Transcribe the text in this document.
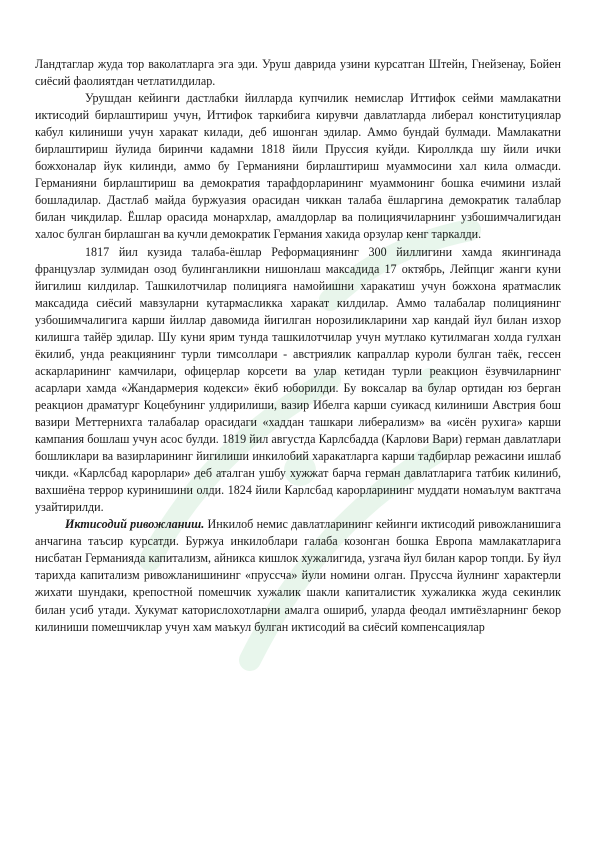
Ландтаглар жуда тор ваколатларга эга эди. Уруш даврида узини курсатган Штейн, Гнейзенау, Бойен сиёсий фаолиятдан четлатилдилар.

Урушдан кейинги дастлабки йилларда купчилик немислар Иттифок сейми мамлакатни иктисодий бирлаштириш учун, Иттифок таркибига кирувчи давлатларда либерал конституциялар кабул килиниши учун харакат килади, деб ишонган эдилар. Аммо бундай булмади. Мамлакатни бирлаштириш йулида биринчи кадамни 1818 йили Пруссия куйди. Кироллкда шу йили ички божхоналар йук килинди, аммо бу Германияни бирлаштириш муаммосини хал кила олмасди. Германияни бирлаштириш ва демократия тарафдорларининг муаммонинг бошка ечимини излай бошладилар. Дастлаб майда буржуазия орасидан чиккан талаба ёшларгина демократик талаблар билан чикдилар. Ёшлар орасида монархлар, амалдорлар ва полициячиларнинг узбошимчалигидан халос булган бирлашган ва кучли демократик Германия хакида орзулар кенг таркалди.

1817 йил кузида талаба-ёшлар Реформациянинг 300 йиллигини хамда якингинада французлар зулмидан озод булинганликни нишонлаш максадида 17 октябрь, Лейпциг жанги куни йигилиш килдилар. Ташкилотчилар полицияга намойишни харакатиш учун божхона яратмаслик максадида сиёсий мавзуларни кутармасликка харакат килдилар. Аммо талабалар полициянинг узбошимчалигига карши йиллар давомида йигилган норозиликларини хар кандай йул билан изхор килишга тайёр эдилар. Шу куни ярим тунда ташкилотчилар учун мутлако кутилмаган холда гулхан ёкилиб, унда реакциянинг турли тимсоллари - австриялик капраллар куроли булган таёк, гессен аскарларининг камчилари, офицерлар корсети ва улар кетидан турли реакцион ёзувчиларнинг асарлари хамда «Жандармерия кодекси» ёкиб юборилди. Бу воксалар ва булар ортидан юз берган реакцион драматург Коцебунинг улдирилиши, вазир Ибелга карши суикасд килиниши Австрия бош вазири Меттернихга талабалар орасидаги «хаддан ташкари либерализм» ва «исён рухига» карши кампания бошлаш учун асос булди. 1819 йил августда Карлсбадда (Карлови Вари) герман давлатлари бошликлари ва вазирларининг йигилиши инкилобий харакатларга карши тадбирлар режасини ишлаб чикди. «Карлсбад карорлари» деб аталган ушбу хужжат барча герман давлатларига татбик килиниб, вахшиёна террор куринишини олди. 1824 йили Карлсбад карорларининг муддати номаълум вактгача узайтирилди.

Иктисодий ривожланиш. Инкилоб немис давлатларининг кейинги иктисодий ривожланишига анчагина таъсир курсатди. Буржуа инкилоблари галаба козонган бошка Европа мамлакатларига нисбатан Германияда капитализм, айникса кишлок хужалигида, узгача йул билан карор топди. Бу йул тарихда капитализм ривожланишининг «пруссча» йули номини олган. Пруссча йулнинг характерли жихати шундаки, крепостной помешчик хужалик шакли капиталистик хужаликка жуда секинлик билан усиб утади. Хукумат каторислохотларни амалга ошириб, уларда феодал имтиёзларнинг бекор килиниши помешчиклар учун хам маъкул булган иктисодий ва сиёсий компенсациялар
